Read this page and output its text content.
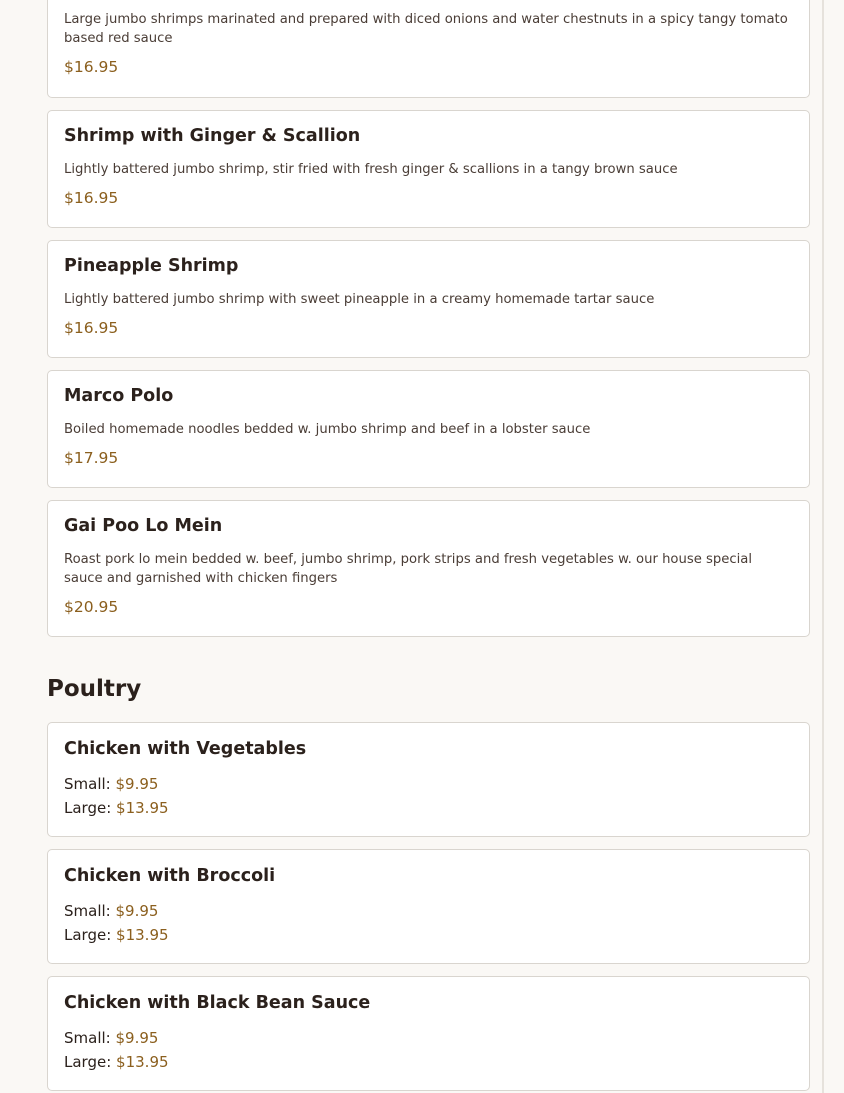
Large jumbo shrimps marinated and prepared with diced onions and water chestnuts in a spicy tangy tomato based red sauce
$16.95
Shrimp with Ginger & Scallion
Lightly battered jumbo shrimp, stir fried with fresh ginger & scallions in a tangy brown sauce
$16.95
Pineapple Shrimp
Lightly battered jumbo shrimp with sweet pineapple in a creamy homemade tartar sauce
$16.95
Marco Polo
Boiled homemade noodles bedded w. jumbo shrimp and beef in a lobster sauce
$17.95
Gai Poo Lo Mein
Roast pork lo mein bedded w. beef, jumbo shrimp, pork strips and fresh vegetables w. our house special sauce and garnished with chicken fingers
$20.95
Poultry
Chicken with Vegetables
Small: $9.95
Large: $13.95
Chicken with Broccoli
Small: $9.95
Large: $13.95
Chicken with Black Bean Sauce
Small: $9.95
Large: $13.95
